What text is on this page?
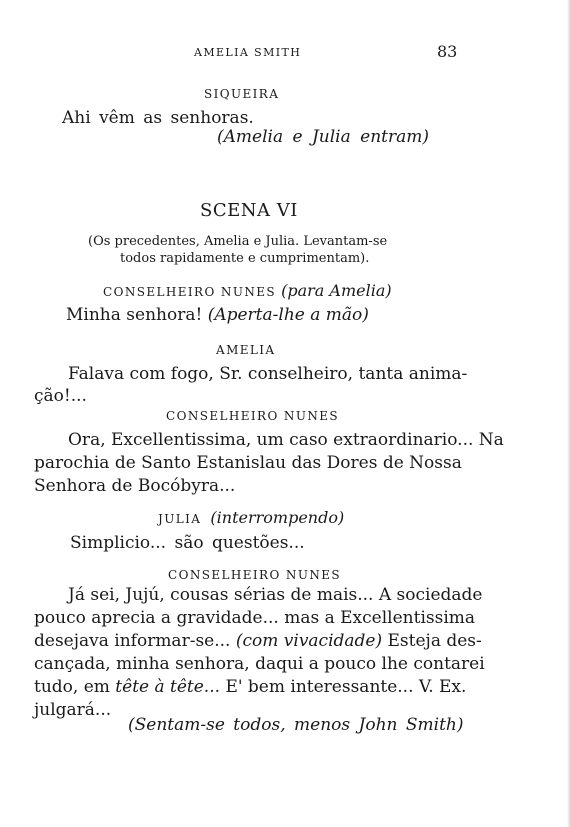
AMELIA SMITH	83
SIQUEIRA
Ahi vêm as senhoras.
(Amelia e Julia entram)
SCENA VI
(Os precedentes, Amelia e Julia. Levantam-se
todos rapidamente e cumprimentam).
CONSELHEIRO NUNES (para Amelia)
Minha senhora! (Aperta-lhe a mão)
AMELIA
Falava com fogo, Sr. conselheiro, tanta anima-
ção!...
CONSELHEIRO NUNES
Ora, Excellentissima, um caso extraordinario... Na
parochia de Santo Estanislau das Dores de Nossa
Senhora de Bocóbyra...
JULIA (interrompendo)
Simplicio... são questões...
CONSELHEIRO NUNES
Já sei, Jujú, cousas sérias de mais... A sociedade
pouco aprecia a gravidade... mas a Excellentissima
desejava informar-se... (com vivacidade) Esteja des-
cançada, minha senhora, daqui a pouco lhe contarei
tudo, em tête à tête... E' bem interessante... V. Ex.
julgará...
(Sentam-se todos, menos John Smith)
